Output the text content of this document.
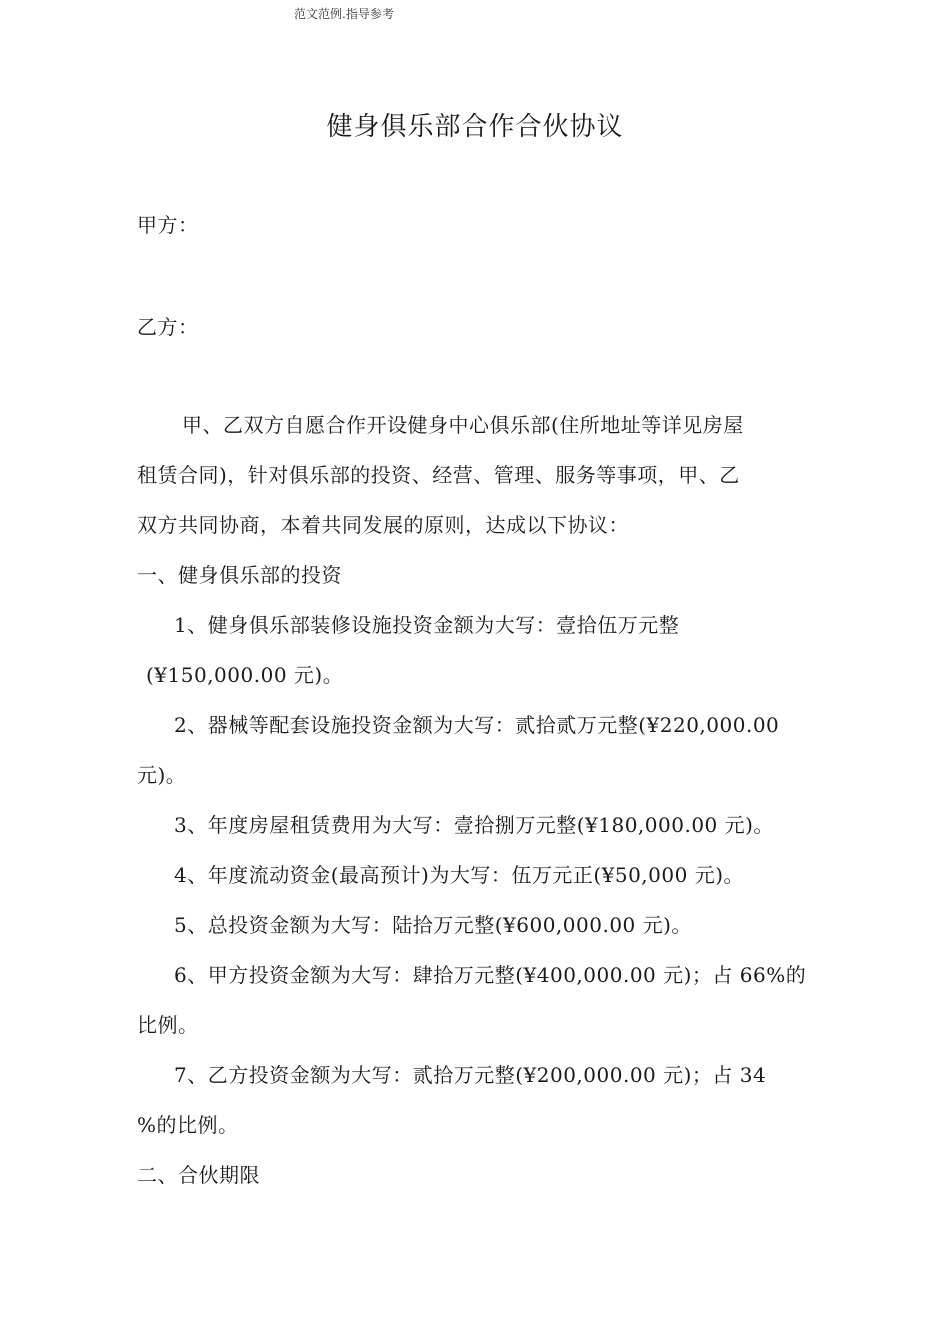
范文范例.指导参考
健身俱乐部合作合伙协议
甲方：
乙方：
甲、乙双方自愿合作开设健身中心俱乐部(住所地址等详见房屋
租赁合同)，针对俱乐部的投资、经营、管理、服务等事项，甲、乙
双方共同协商，本着共同发展的原则，达成以下协议：
一、健身俱乐部的投资
1、健身俱乐部装修设施投资金额为大写：壹拾伍万元整
(¥150,000.00 元)。
2、器械等配套设施投资金额为大写：贰拾贰万元整(¥220,000.00
元)。
3、年度房屋租赁费用为大写：壹拾捌万元整(¥180,000.00 元)。
4、年度流动资金(最高预计)为大写：伍万元正(¥50,000 元)。
5、总投资金额为大写：陆拾万元整(¥600,000.00 元)。
6、甲方投资金额为大写：肆拾万元整(¥400,000.00 元)；占 66%的
比例。
7、乙方投资金额为大写：贰拾万元整(¥200,000.00 元)；占 34
%的比例。
二、合伙期限
